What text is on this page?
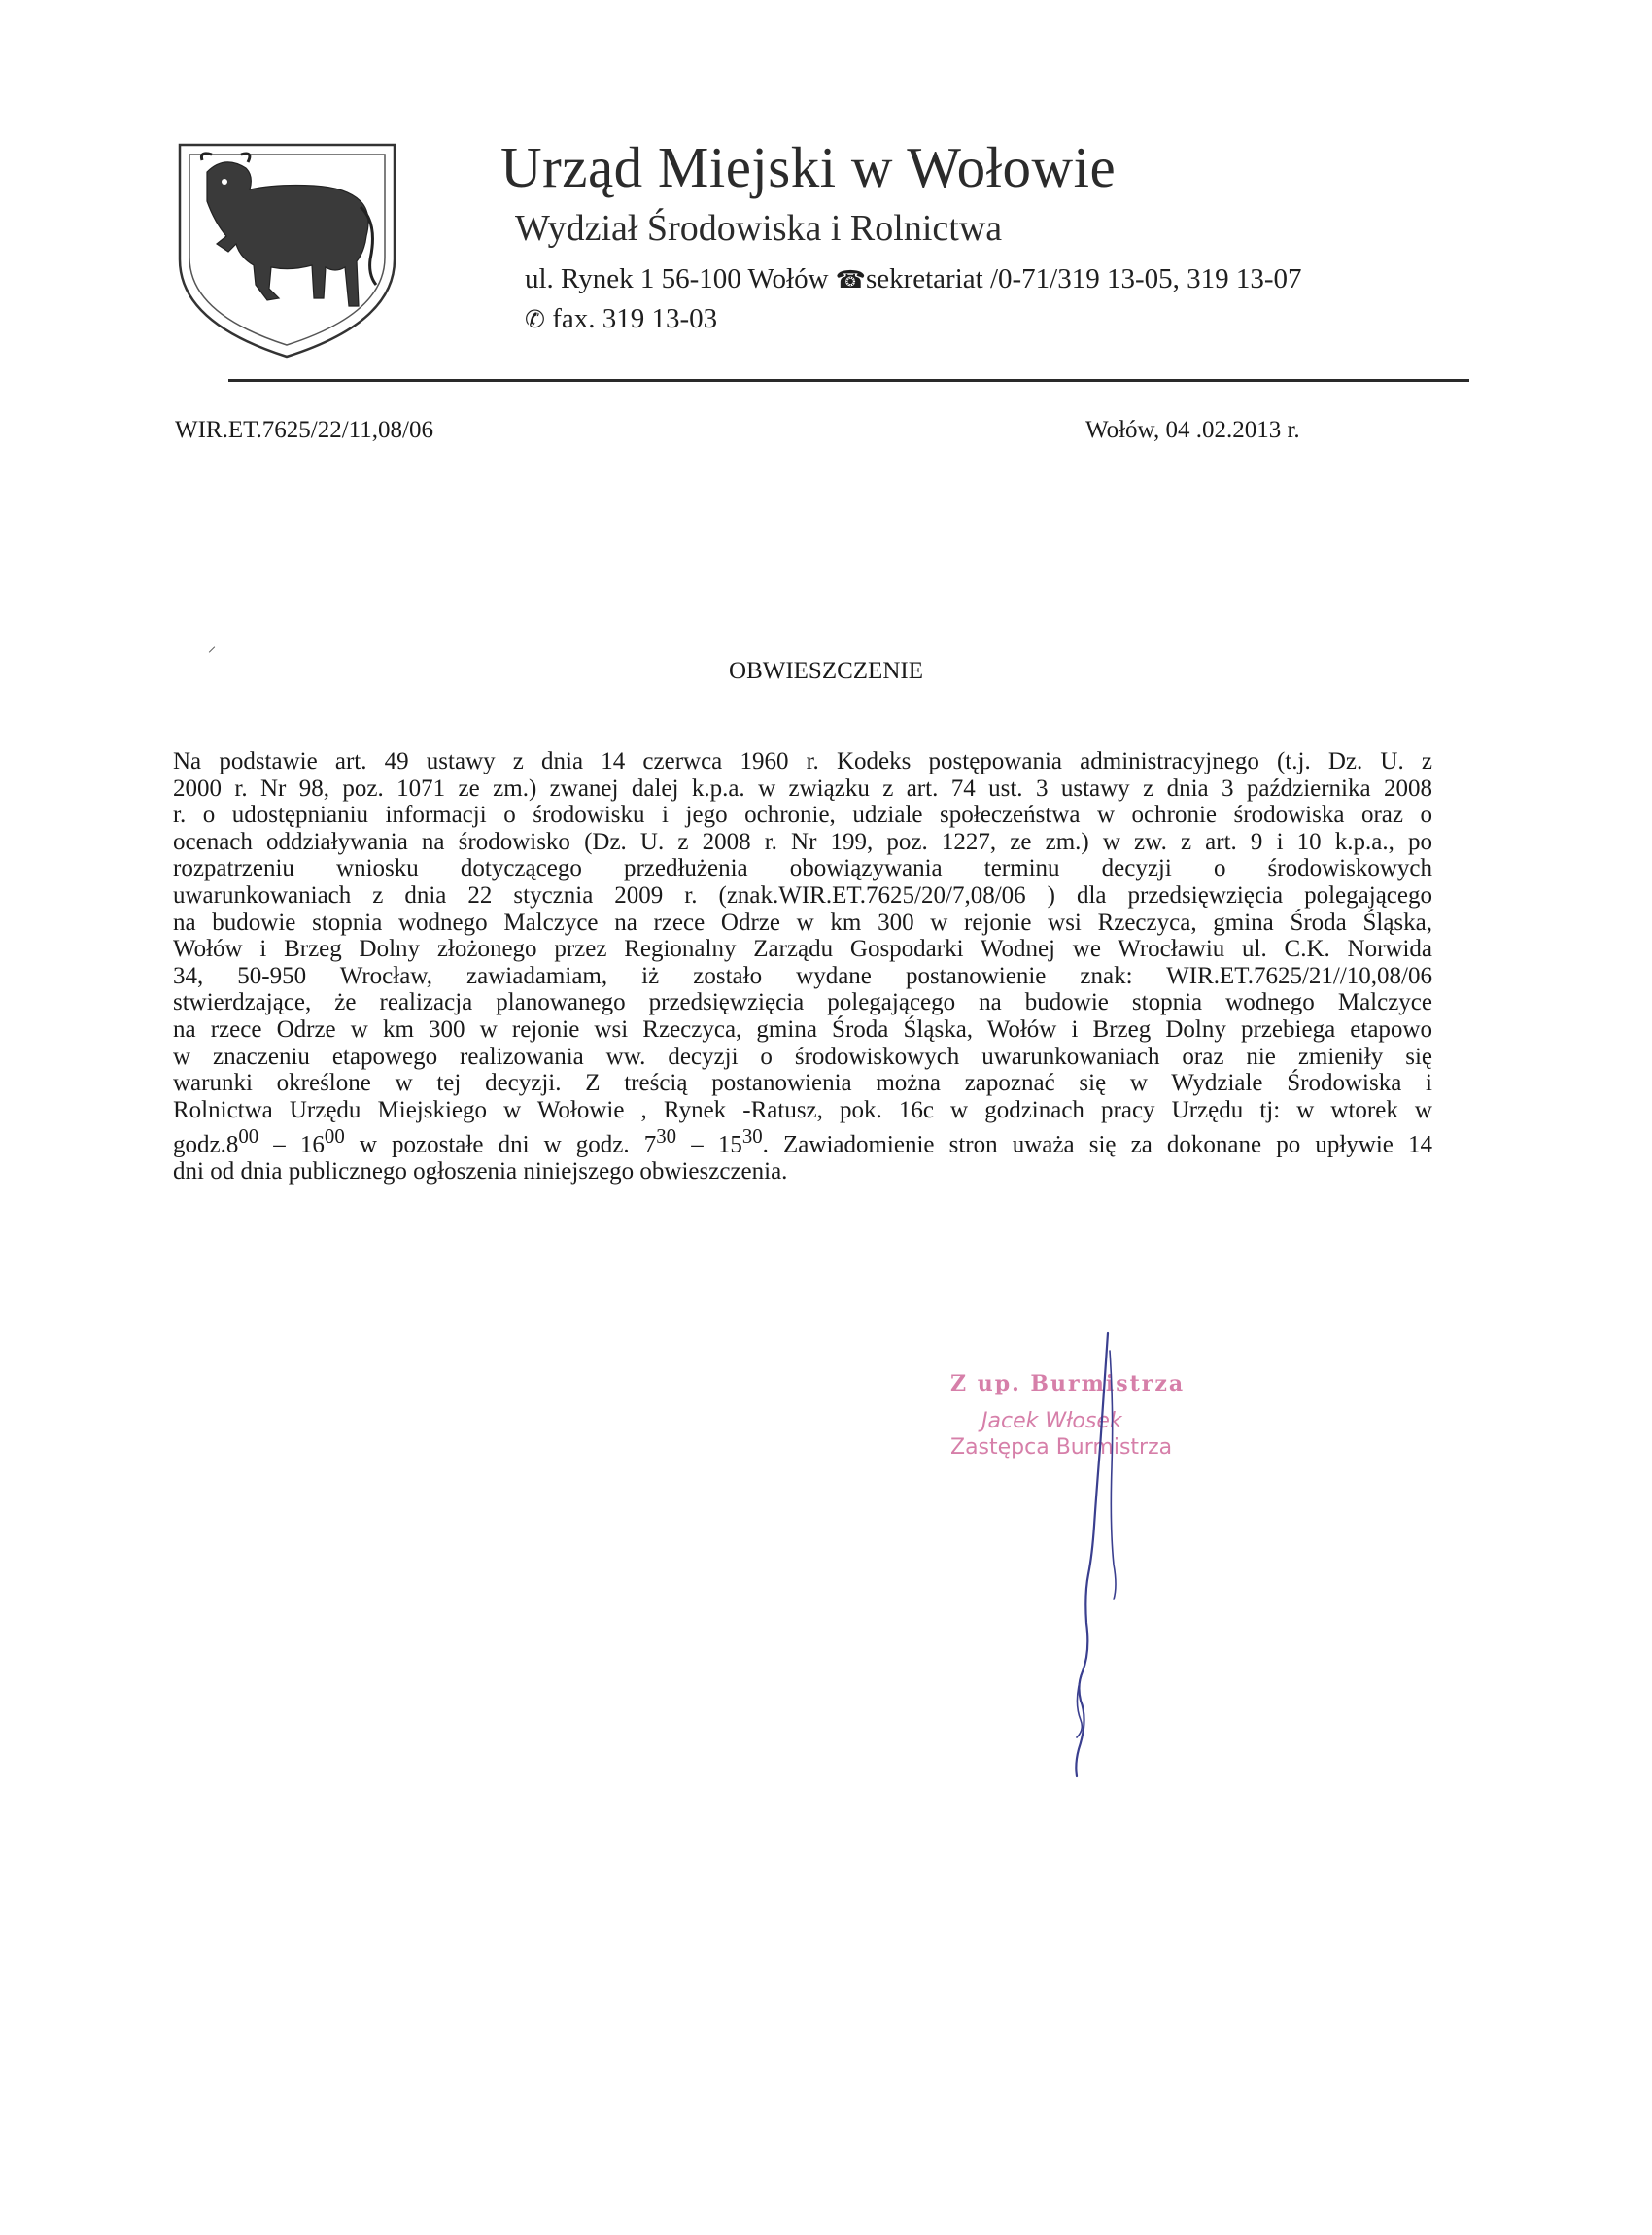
Urząd Miejski w Wołowie
Wydział Środowiska i Rolnictwa
ul. Rynek 1 56-100 Wołów ☎sekretariat /0-71/319 13-05, 319 13-07
✆ fax. 319 13-03
WIR.ET.7625/22/11,08/06	Wołów, 04 .02.2013 r.
OBWIESZCZENIE
Na podstawie art. 49 ustawy z dnia 14 czerwca 1960 r. Kodeks postępowania administracyjnego (t.j. Dz. U. z
2000 r. Nr 98, poz. 1071 ze zm.) zwanej dalej k.p.a. w związku z art. 74 ust. 3 ustawy z dnia 3 października 2008
r. o udostępnianiu informacji o środowisku i jego ochronie, udziale społeczeństwa w ochronie środowiska oraz o
ocenach oddziaływania na środowisko (Dz. U. z 2008 r. Nr 199, poz. 1227, ze zm.) w zw. z art. 9 i 10 k.p.a., po
rozpatrzeniu wniosku dotyczącego przedłużenia obowiązywania terminu decyzji o środowiskowych
uwarunkowaniach z dnia 22 stycznia 2009 r. (znak.WIR.ET.7625/20/7,08/06 ) dla przedsięwzięcia polegającego
na budowie stopnia wodnego Malczyce na rzece Odrze w km 300 w rejonie wsi Rzeczyca, gmina Środa Śląska,
Wołów i Brzeg Dolny złożonego przez Regionalny Zarządu Gospodarki Wodnej we Wrocławiu ul. C.K. Norwida
34, 50-950 Wrocław, zawiadamiam, iż zostało wydane postanowienie znak: WIR.ET.7625/21//10,08/06
stwierdzające, że realizacja planowanego przedsięwzięcia polegającego na budowie stopnia wodnego Malczyce
na rzece Odrze w km 300 w rejonie wsi Rzeczyca, gmina Środa Śląska, Wołów i Brzeg Dolny przebiega etapowo
w znaczeniu etapowego realizowania ww. decyzji o środowiskowych uwarunkowaniach oraz nie zmieniły się
warunki określone w tej decyzji. Z treścią postanowienia można zapoznać się w Wydziale Środowiska i
Rolnictwa Urzędu Miejskiego w Wołowie , Rynek -Ratusz, pok. 16c w godzinach pracy Urzędu tj: w wtorek w
$godz.8^{00} - 16^{00}$ w pozostałe dni w godz. $7^{30} - 15^{30}$. Zawiadomienie stron uważa się za dokonane po upływie 14
dni od dnia publicznego ogłoszenia niniejszego obwieszczenia.
Z up. Burmistrza
Jacek Włosek
Zastępca Burmistrza
